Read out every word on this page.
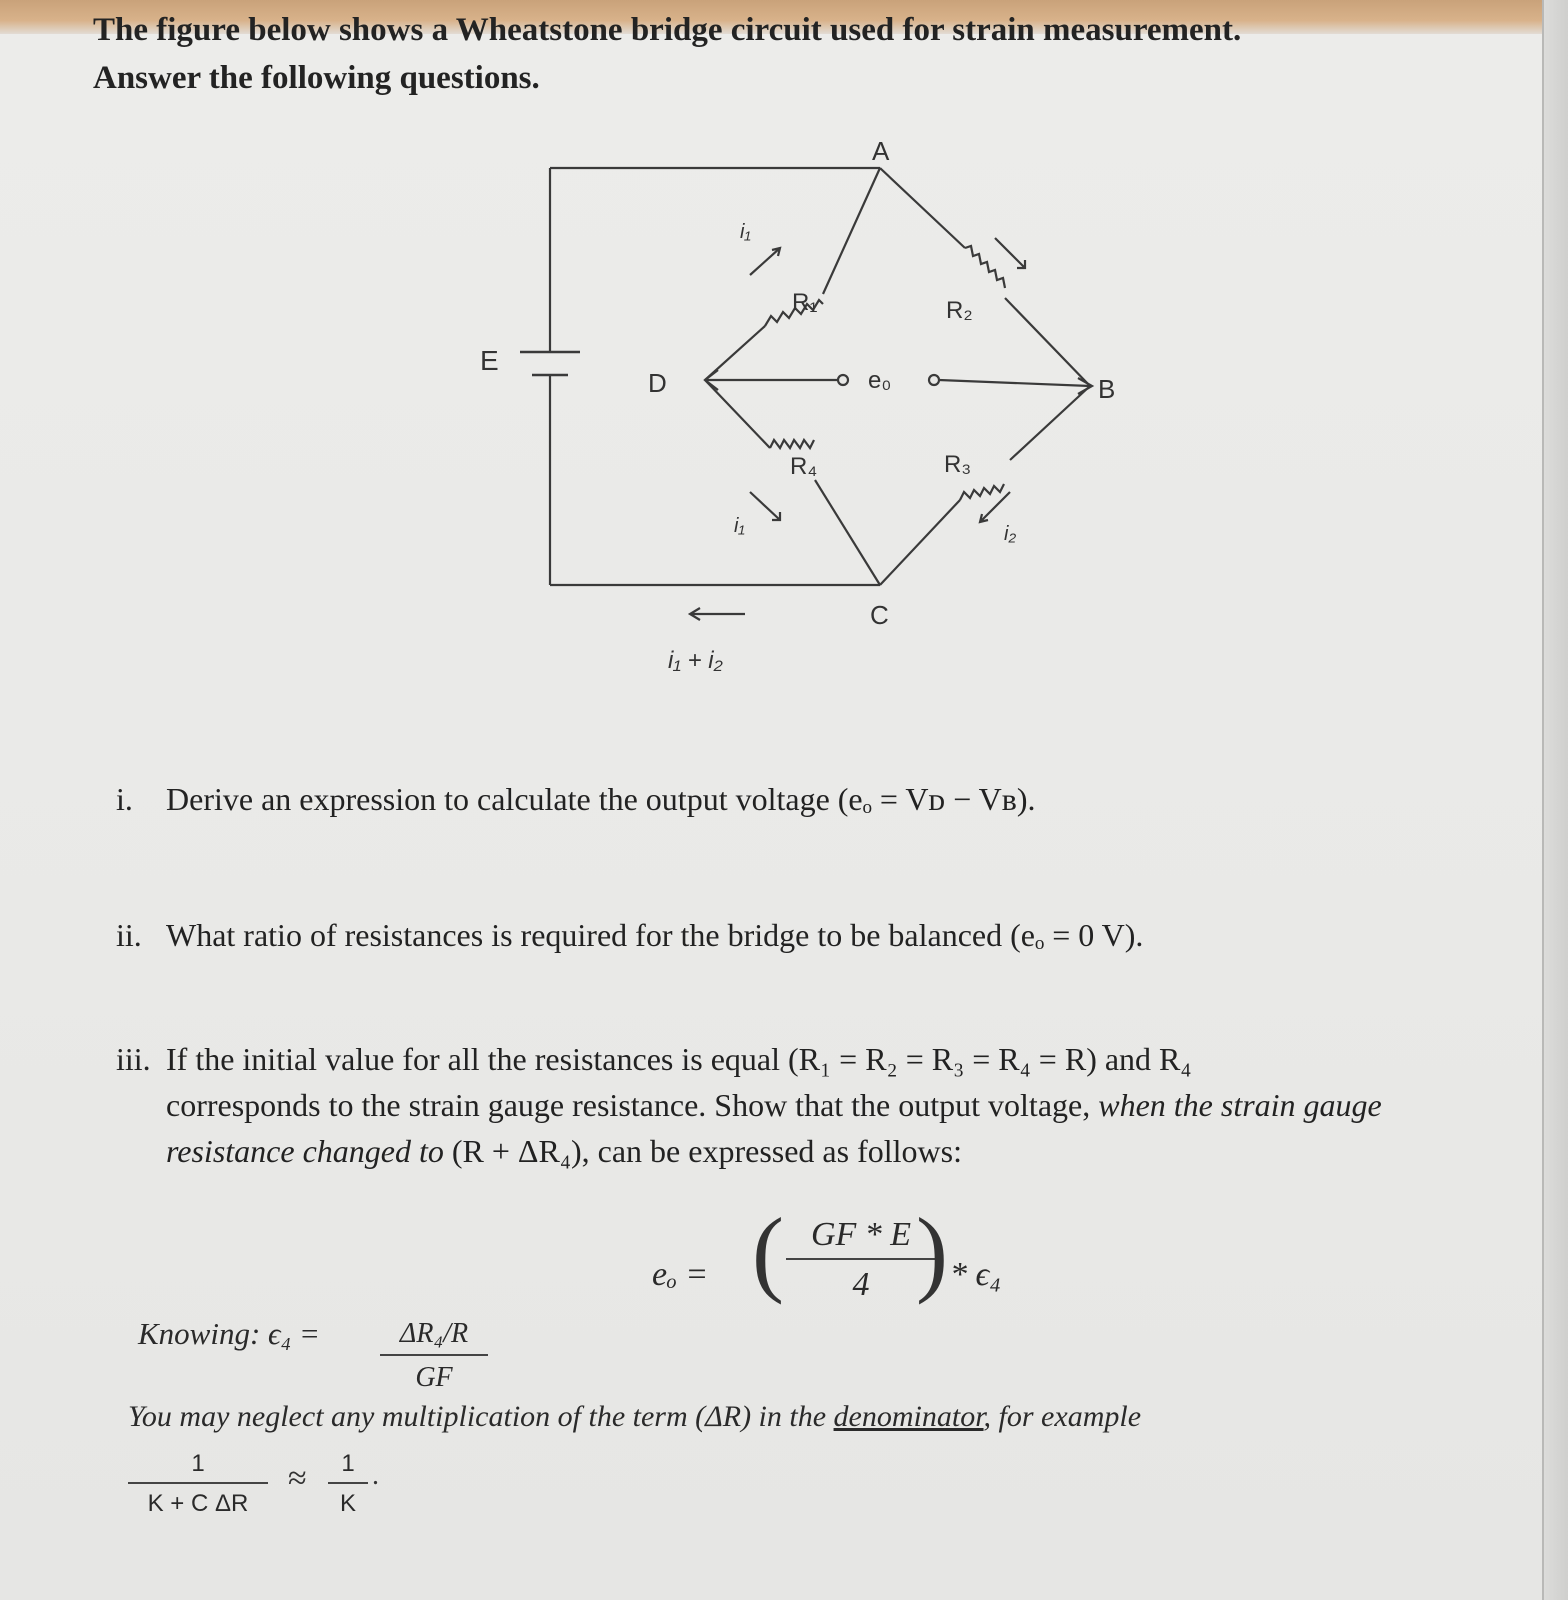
The figure below shows a Wheatstone bridge circuit used for strain measurement.
Answer the following questions.
E
A
B
C
D
R₁	R₂
R₃
R₄
e₀
i₁
i₁	i₂
i₁ + i₂
i. Derive an expression to calculate the output voltage (eₒ = Vᴅ − Vʙ).
ii. What ratio of resistances is required for the bridge to be balanced (eₒ = 0 V).
iii. If the initial value for all the resistances is equal (R₁ = R₂ = R₃ = R₄ = R) and R₄
corresponds to the strain gauge resistance. Show that the output voltage, when the strain gauge resistance changed to (R + ΔR₄), can be expressed as follows:
eₒ = ( $\frac{GF * E}{4}$
) * ϵ₄
Knowing: $\epsilon_4 = \frac{\text{ΔR₄/R}}{GF}$
You may neglect any multiplication of the term (ΔR) in the denominator, for example
$\frac{1}{\text{K + C ΔR}} \approx \frac{1}{K}$ .
